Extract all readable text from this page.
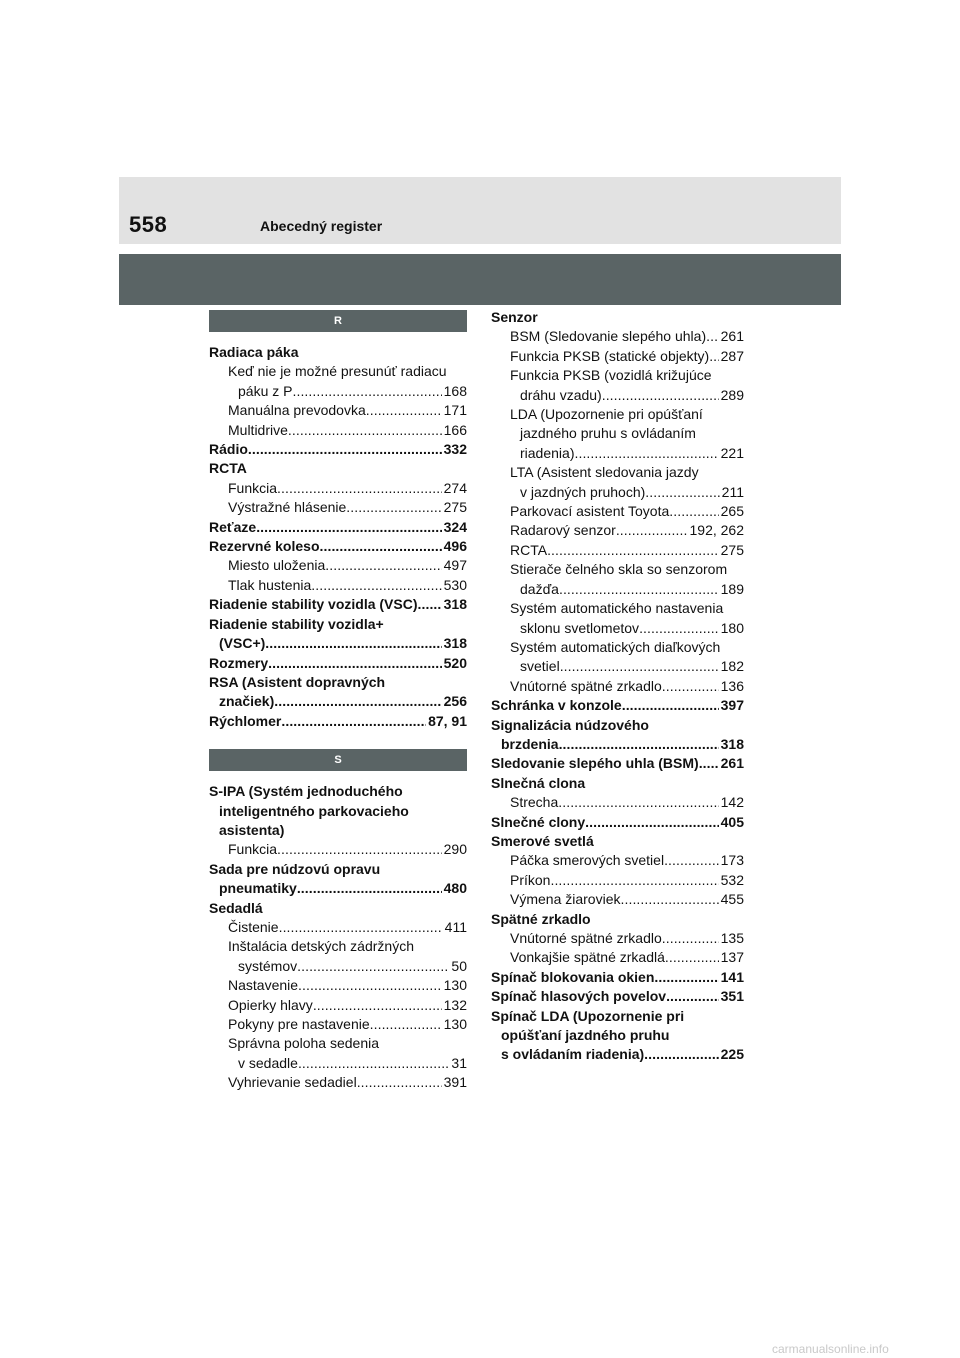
558	Abecedný register
R
Radiaca páka
Keď nie je možné presunúť radiacu
páku z P . . .	168
Manuálna prevodovka . . .	171
Multidrive . . .	166
Rádio . . .	332
RCTA
Funkcia . . .	274
Výstražné hlásenie . . .	275
Reťaze . . .	324
Rezervné koleso . . .	496
Miesto uloženia . . .	497
Tlak hustenia . . .	530
Riadenie stability vozidla (VSC) . . . 318
Riadenie stability vozidla+
(VSC+) . . .	318
Rozmery . . .	520
RSA (Asistent dopravných
značiek) . . .	256
Rýchlomer . . .	87, 91
S
S-IPA (Systém jednoduchého
inteligentného parkovacieho
asistenta)
Funkcia . . .	290
Sada pre núdzovú opravu
pneumatiky . . .	480
Sedadlá
Čistenie . . .	411
Inštalácia detských zádržných
systémov . . .	50
Nastavenie . . .	130
Opierky hlavy . . .	132
Pokyny pre nastavenie . . .	130
Správna poloha sedenia
v sedadle . . .	31
Vyhrievanie sedadiel . . .	391
Senzor
BSM (Sledovanie slepého uhla) . . . 261
Funkcia PKSB (statické objekty) . . . 287
Funkcia PKSB (vozidlá križujúce
dráhu vzadu) . . .	289
LDA (Upozornenie pri opúšťaní
jazdného pruhu s ovládaním
riadenia) . . .	221
LTA (Asistent sledovania jazdy
v jazdných pruhoch) . . .	211
Parkovací asistent Toyota . . .	265
Radarový senzor . . .	192, 262
RCTA . . .	275
Stierače čelného skla so senzorom
dažďa . . .	189
Systém automatického nastavenia
sklonu svetlometov . . .	180
Systém automatických diaľkových
svetiel . . .	182
Vnútorné spätné zrkadlo . . .	136
Schránka v konzole . . .	397
Signalizácia núdzového
brzdenia . . .	318
Sledovanie slepého uhla (BSM) . . . 261
Slnečná clona
Strecha . . .	142
Slnečné clony . . .	405
Smerové svetlá
Páčka smerových svetiel . . .	173
Príkon . . .	532
Výmena žiaroviek . . .	455
Spätné zrkadlo
Vnútorné spätné zrkadlo . . .	135
Vonkajšie spätné zrkadlá . . .	137
Spínač blokovania okien . . .	141
Spínač hlasových povelov . . .	351
Spínač LDA (Upozornenie pri
opúšťaní jazdného pruhu
s ovládaním riadenia) . . .	225
carmanualsonline.info
